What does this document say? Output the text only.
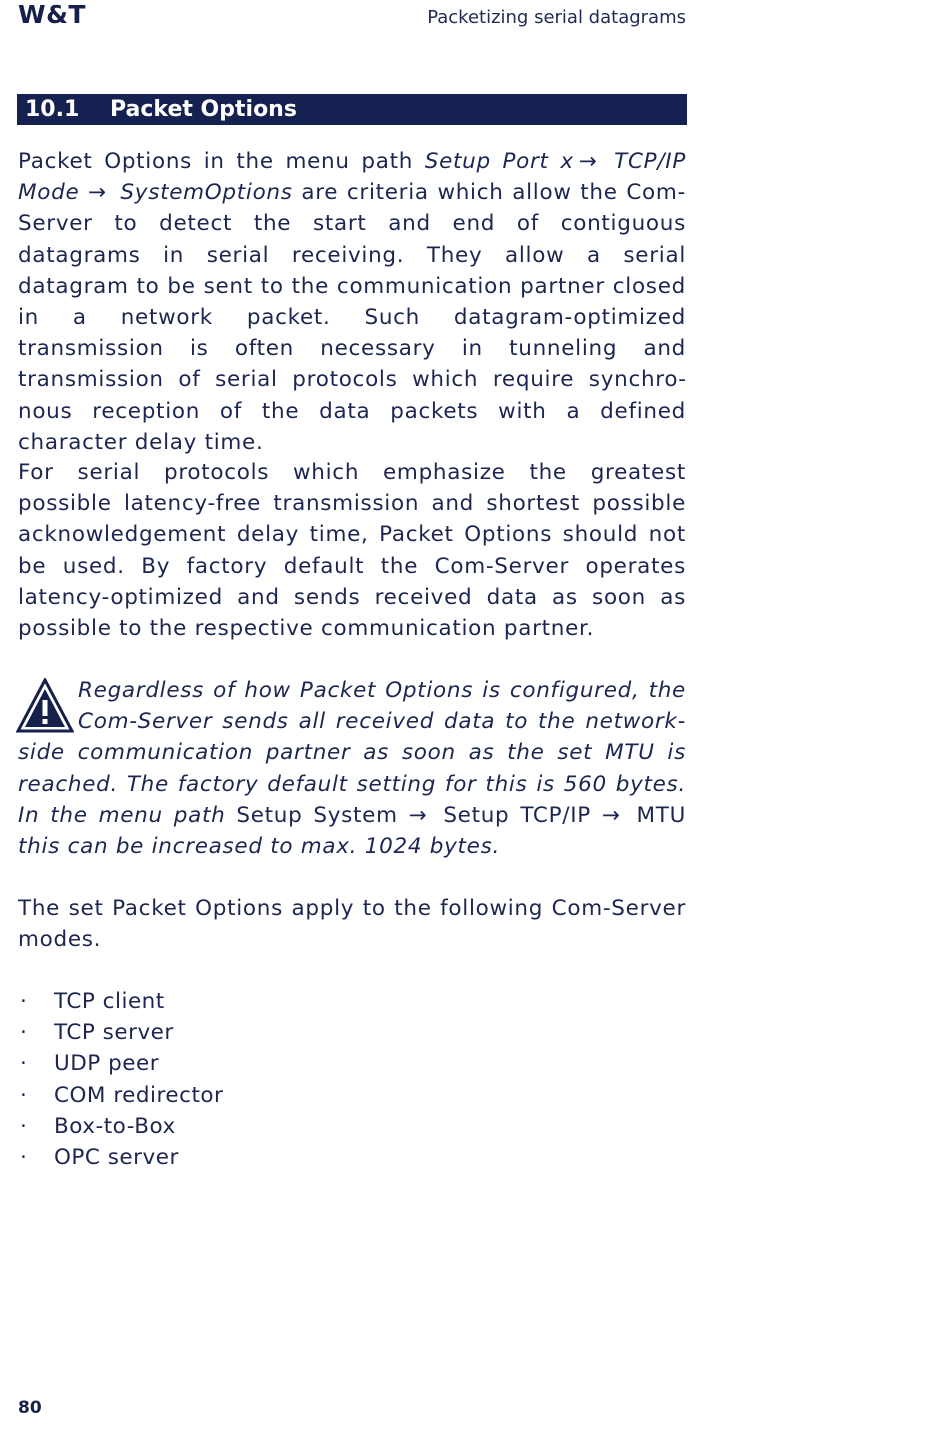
W&T	Packetizing serial datagrams
10.1 Packet Options
Packet Options in the menu path Setup Port x →  TCP/IP Mode →  SystemOptions are criteria which allow the Com-Server to detect the start and end of contiguous datagrams in serial receiving. They allow a serial datagram to be sent to the communication partner closed in a network packet. Such datagram-optimized transmission is often necessary in tunneling and transmission of serial protocols which require synchronous reception of the data packets with a defined character delay time.
For serial protocols which emphasize the greatest possible latency-free transmission and shortest possible acknowledgement delay time, Packet Options should not be used. By factory default the Com-Server operates latency-optimized and sends received data as soon as possible to the respective communication partner.
Regardless of how Packet Options is configured, the Com-Server sends all received data to the network-side communication partner as soon as the set MTU is reached. The factory default setting for this is 560 bytes. In the menu path Setup System →  Setup TCP/IP →  MTU this can be increased to max. 1024 bytes.
The set Packet Options apply to the following Com-Server modes.
· TCP client
· TCP server
· UDP peer
· COM redirector
· Box-to-Box
· OPC server
80
